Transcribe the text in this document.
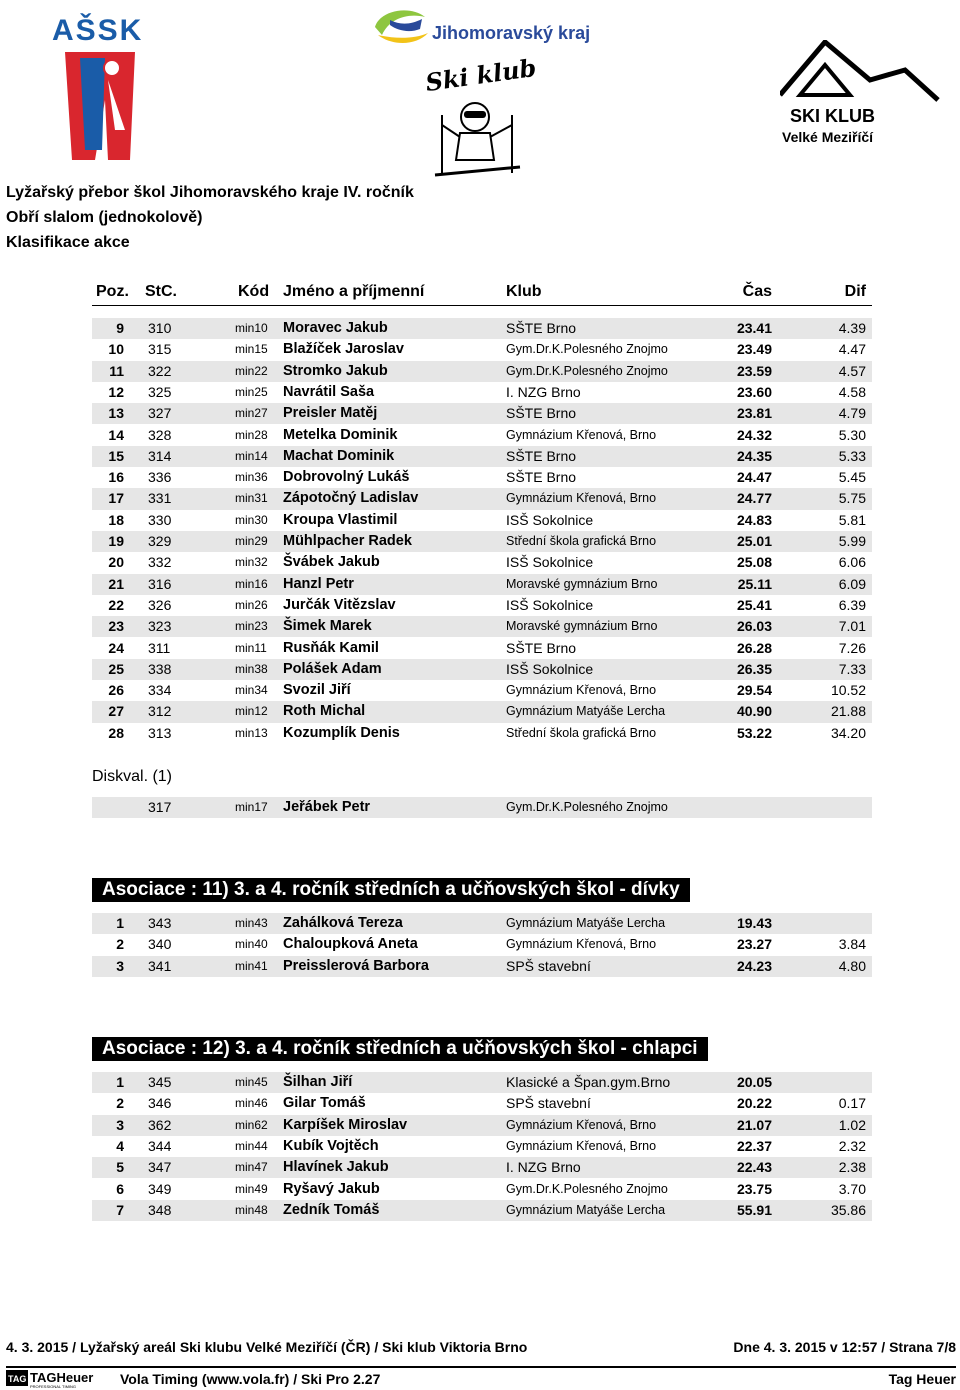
AŠSK	Jihomoravský kraj
Ski klub
SKI KLUB
Velké Meziříčí
Lyžařský přebor škol Jihomoravského kraje IV. ročník
Obří slalom (jednokolově)
Klasifikace akce
Poz. StC.	Kód Jméno a příjmenní	Klub	Čas	Dif
9 310	min10 Moravec Jakub	SŠTE Brno	23.41	4.39
10 315	min15 Blažíček Jaroslav	Gym.Dr.K.Polesného Znojmo	23.49	4.47
11 322	min22 Stromko Jakub	Gym.Dr.K.Polesného Znojmo	23.59	4.57
12 325	min25 Navrátil Saša	I. NZG Brno	23.60	4.58
13 327	min27 Preisler Matěj	SŠTE Brno	23.81	4.79
14 328	min28 Metelka Dominik	Gymnázium Křenová, Brno	24.32	5.30
15 314	min14 Machat Dominik	SŠTE Brno	24.35	5.33
16 336	min36 Dobrovolný Lukáš	SŠTE Brno	24.47	5.45
17 331	min31 Zápotočný Ladislav	Gymnázium Křenová, Brno	24.77	5.75
18 330	min30 Kroupa Vlastimil	ISŠ Sokolnice	24.83	5.81
19 329	min29 Mühlpacher Radek	Střední škola grafická Brno	25.01	5.99
20 332	min32 Švábek Jakub	ISŠ Sokolnice	25.08	6.06
21 316	min16 Hanzl Petr	Moravské gymnázium Brno	25.11	6.09
22 326	min26 Jurčák Vitězslav	ISŠ Sokolnice	25.41	6.39
23 323	min23 Šimek Marek	Moravské gymnázium Brno	26.03	7.01
24 311	min11 Rusňák Kamil	SŠTE Brno	26.28	7.26
25 338	min38 Polášek Adam	ISŠ Sokolnice	26.35	7.33
26 334	min34 Svozil Jiří	Gymnázium Křenová, Brno	29.54	10.52
27 312	min12 Roth Michal	Gymnázium Matyáše Lercha	40.90	21.88
28 313	min13 Kozumplík Denis	Střední škola grafická Brno	53.22	34.20
Diskval. (1)
317	min17 Jeřábek Petr	Gym.Dr.K.Polesného Znojmo
Asociace : 11) 3. a 4. ročník středních a učňovských škol - dívky
1 343	min43 Zahálková Tereza	Gymnázium Matyáše Lercha	19.43
2 340	min40 Chaloupková Aneta	Gymnázium Křenová, Brno	23.27	3.84
3 341	min41 Preisslerová Barbora	SPŠ stavební	24.23	4.80
Asociace : 12) 3. a 4. ročník středních a učňovských škol - chlapci
1 345	min45 Šilhan Jiří	Klasické a Špan.gym.Brno	20.05
2 346	min46 Gilar Tomáš	SPŠ stavební	20.22	0.17
3 362	min62 Karpíšek Miroslav	Gymnázium Křenová, Brno	21.07	1.02
4 344	min44 Kubík Vojtěch	Gymnázium Křenová, Brno	22.37	2.32
5 347	min47 Hlavínek Jakub	I. NZG Brno	22.43	2.38
6 349	min49 Ryšavý Jakub	Gym.Dr.K.Polesného Znojmo	23.75	3.70
7 348	min48 Zedník Tomáš	Gymnázium Matyáše Lercha	55.91	35.86
4. 3. 2015 / Lyžařský areál Ski klubu Velké Meziříčí (ČR) / Ski klub Viktoria Brno	Dne 4. 3. 2015 v 12:57 / Strana 7/8
TAG TAGHeuer
PROFESSIONAL TIMING	Vola Timing (www.vola.fr) / Ski Pro 2.27	Tag Heuer
